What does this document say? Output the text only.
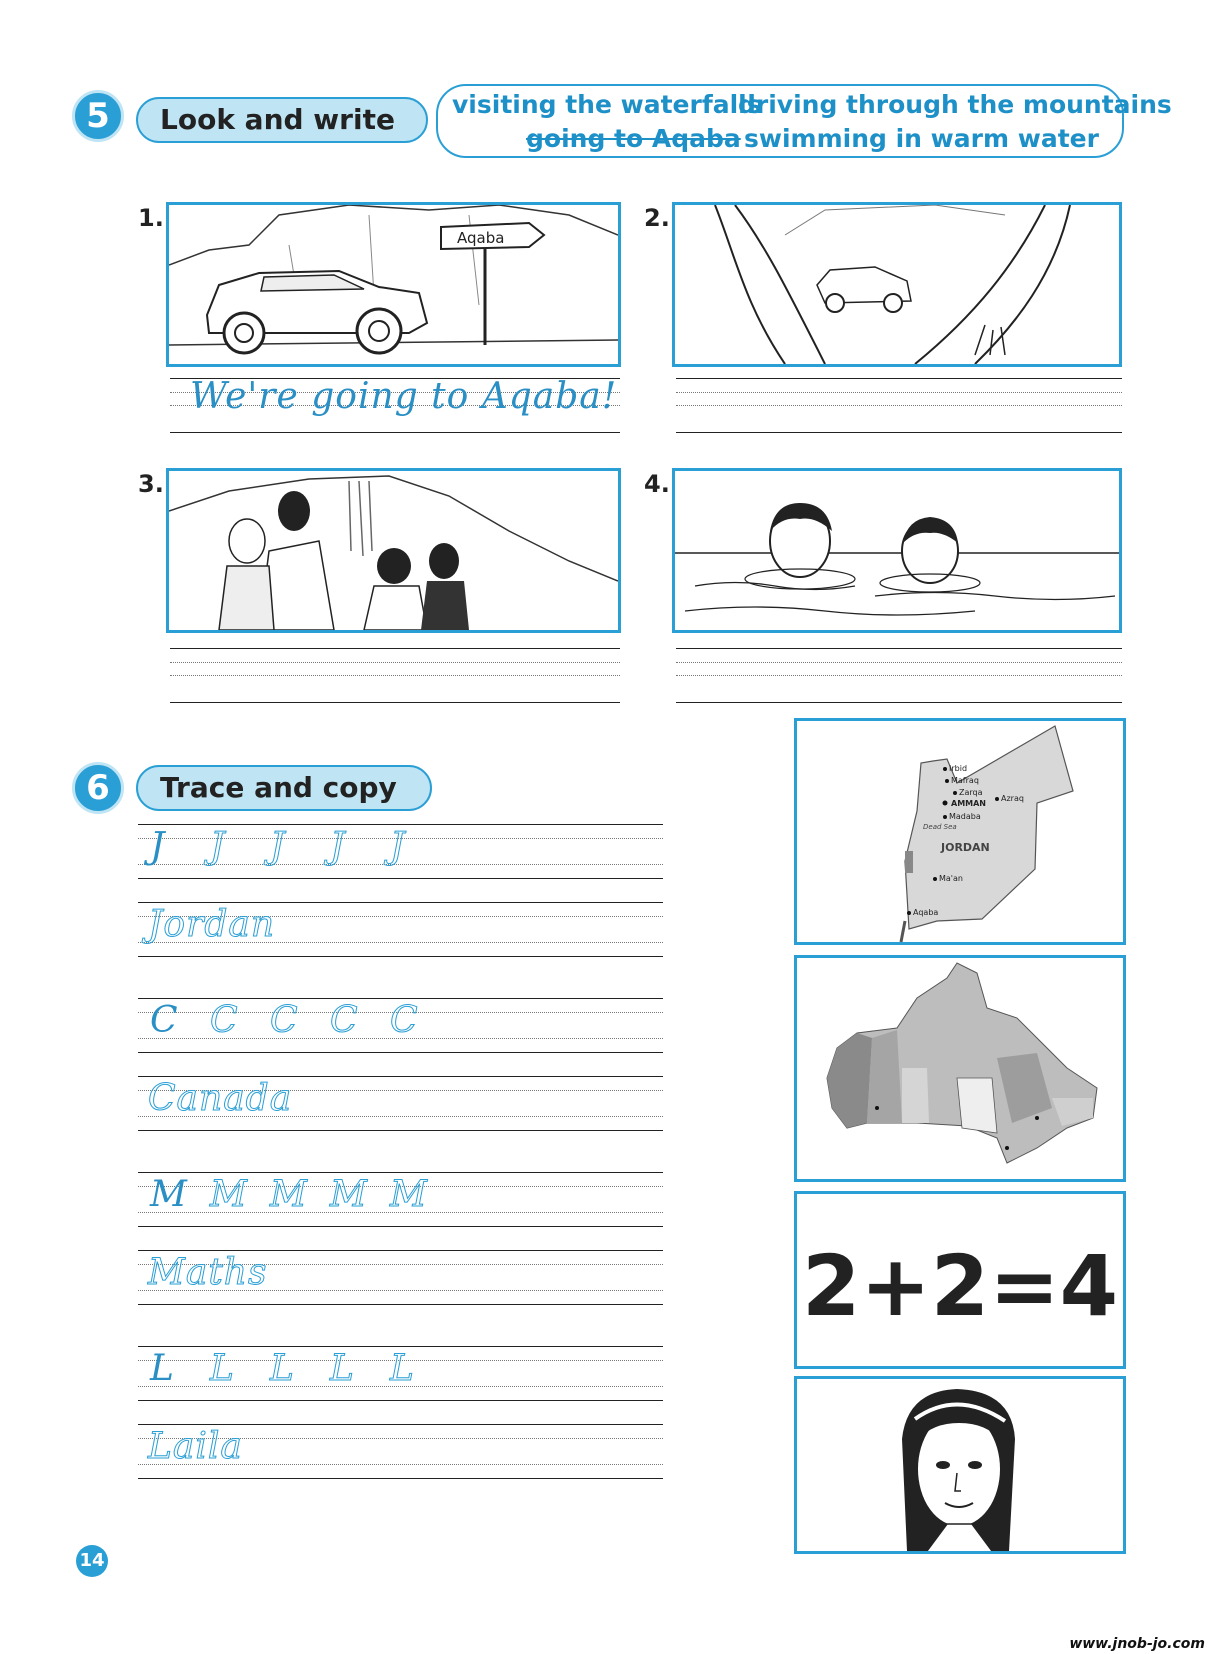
5	Look and write	visiting the waterfalls
driving through the mountains
going to Aqaba swimming in warm water
1.	2.
3.	4.
Aqaba
We're going to Aqaba!
6	Trace and copy
J J J J J
Jordan
C C C C C
Canada
M M M M M
Maths
L L L L L
Laila
Irbid
Mafraq
Zarqa
AMMAN
Azraq
Madaba
Dead Sea
JORDAN
Ma'an
Aqaba
2+2=4
14
www.jnob-jo.com
